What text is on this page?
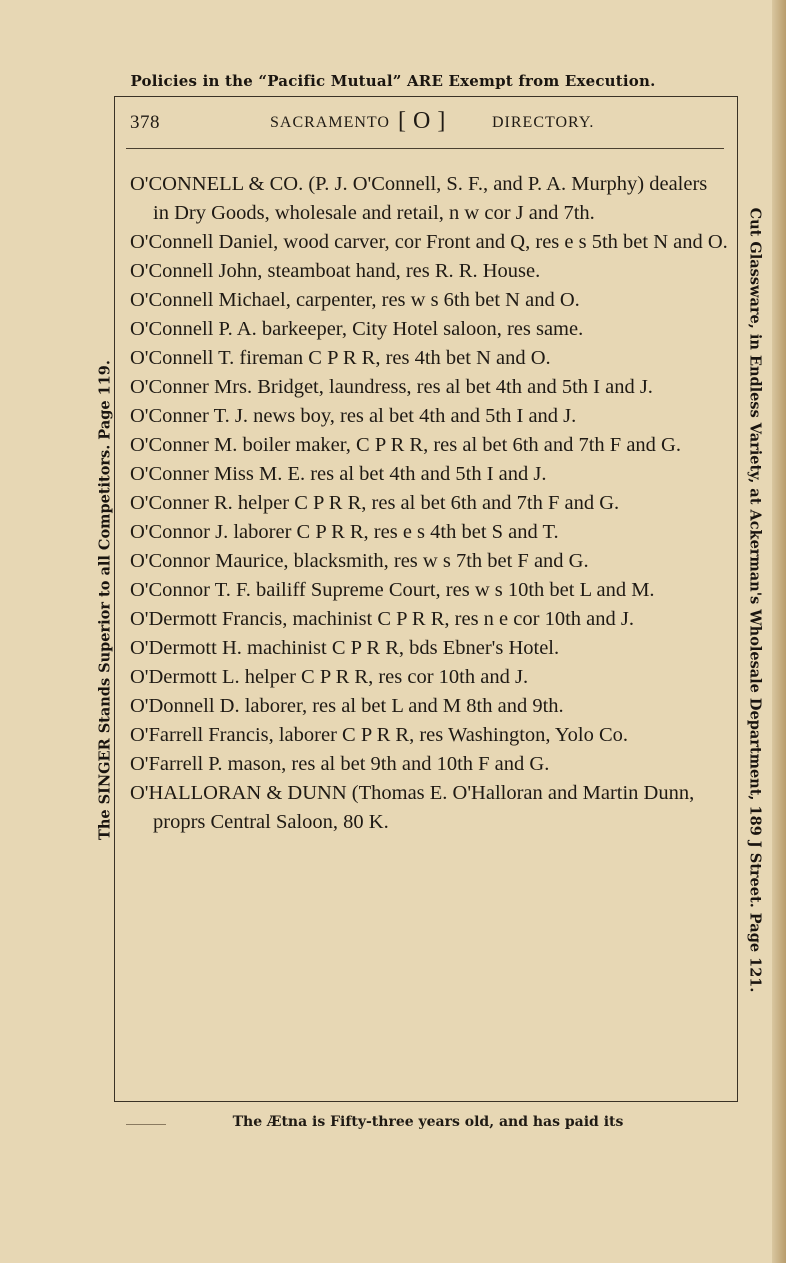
Policies in the “Pacific Mutual” ARE Exempt from Execution.
378	SACRAMENTO [ O ]	DIRECTORY.

O'CONNELL & CO. (P. J. O'Connell, S. F., and P. A. Murphy) dealers in Dry Goods, wholesale and retail, n w cor J and 7th.

O'Connell Daniel, wood carver, cor Front and Q, res e s 5th bet N and O.

O'Connell John, steamboat hand, res R. R. House.

O'Connell Michael, carpenter, res w s 6th bet N and O.

O'Connell P. A. barkeeper, City Hotel saloon, res same.

O'Connell T. fireman C P R R, res 4th bet N and O.

O'Conner Mrs. Bridget, laundress, res al bet 4th and 5th I and J.

O'Conner T. J. news boy, res al bet 4th and 5th I and J.

O'Conner M. boiler maker, C P R R, res al bet 6th and 7th F and G.

O'Conner Miss M. E. res al bet 4th and 5th I and J.

O'Conner R. helper C P R R, res al bet 6th and 7th F and G.

O'Connor J. laborer C P R R, res e s 4th bet S and T.

O'Connor Maurice, blacksmith, res w s 7th bet F and G.

O'Connor T. F. bailiff Supreme Court, res w s 10th bet L and M.

O'Dermott Francis, machinist C P R R, res n e cor 10th and J.

O'Dermott H. machinist C P R R, bds Ebner's Hotel.

O'Dermott L. helper C P R R, res cor 10th and J.

O'Donnell D. laborer, res al bet L and M 8th and 9th.

O'Farrell Francis, laborer C P R R, res Washington, Yolo Co.

O'Farrell P. mason, res al bet 9th and 10th F and G.

O'HALLORAN & DUNN (Thomas E. O'Halloran and Martin Dunn, proprs Central Saloon, 80 K.

The SINGER Stands Superior to all Competitors. Page 119.	Cut Glassware, in Endless Variety, at Ackerman's Wholesale Department, 189 J Street. Page 121.
The Ætna is Fifty-three years old, and has paid its
